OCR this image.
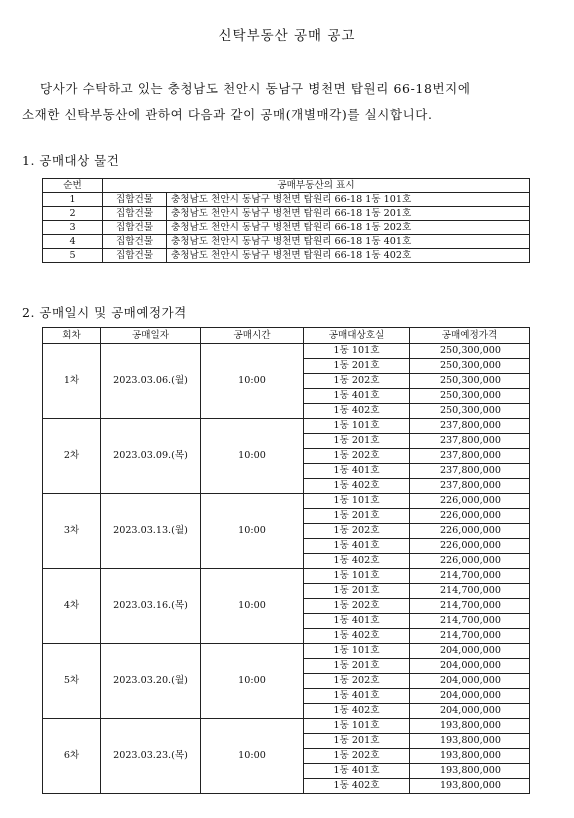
신탁부동산 공매 공고
당사가 수탁하고 있는 충청남도 천안시 동남구 병천면 탑원리 66-18번지에
소재한 신탁부동산에 관하여 다음과 같이 공매(개별매각)를 실시합니다.
1. 공매대상 물건
순번	공매부동산의 표시	
1	집합건물	충청남도 천안시 동남구 병천면 탑원리 66-18 1동 101호
2	집합건물	충청남도 천안시 동남구 병천면 탑원리 66-18 1동 201호
3	집합건물	충청남도 천안시 동남구 병천면 탑원리 66-18 1동 202호
4	집합건물	충청남도 천안시 동남구 병천면 탑원리 66-18 1동 401호
5	집합건물	충청남도 천안시 동남구 병천면 탑원리 66-18 1동 402호
2. 공매일시 및 공매예정가격
회차	공매일자	공매시간	공매대상호실	공매예정가격
1차	2023.03.06.(월)	10:00	1동 101호	250,300,000
			1동 201호	250,300,000
			1동 202호	250,300,000
			1동 401호	250,300,000
			1동 402호	250,300,000
2차	2023.03.09.(목)	10:00	1동 101호	237,800,000
			1동 201호	237,800,000
			1동 202호	237,800,000
			1동 401호	237,800,000
			1동 402호	237,800,000
3차	2023.03.13.(월)	10:00	1동 101호	226,000,000
			1동 201호	226,000,000
			1동 202호	226,000,000
			1동 401호	226,000,000
			1동 402호	226,000,000
4차	2023.03.16.(목)	10:00	1동 101호	214,700,000
			1동 201호	214,700,000
			1동 202호	214,700,000
			1동 401호	214,700,000
			1동 402호	214,700,000
5차	2023.03.20.(월)	10:00	1동 101호	204,000,000
			1동 201호	204,000,000
			1동 202호	204,000,000
			1동 401호	204,000,000
			1동 402호	204,000,000
6차	2023.03.23.(목)	10:00	1동 101호	193,800,000
			1동 201호	193,800,000
			1동 202호	193,800,000
			1동 401호	193,800,000
			1동 402호	193,800,000
